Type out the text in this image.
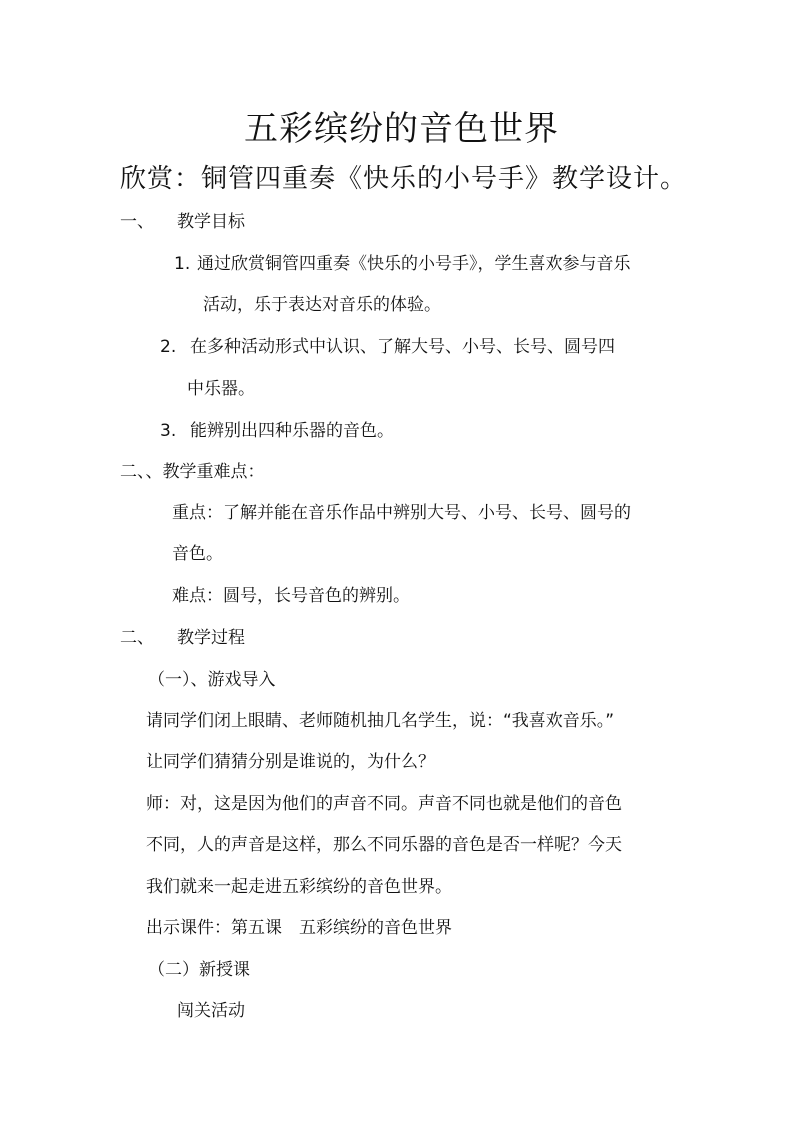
五彩缤纷的音色世界
欣赏：铜管四重奏《快乐的小号手》教学设计。
一、 教学目标
1. 通过欣赏铜管四重奏《快乐的小号手》，学生喜欢参与音乐
活动，乐于表达对音乐的体验。
2. 在多种活动形式中认识、了解大号、小号、长号、圆号四
中乐器。
3. 能辨别出四种乐器的音色。
二、、教学重难点：
重点：了解并能在音乐作品中辨别大号、小号、长号、圆号的
音色。
难点：圆号，长号音色的辨别。
二、 教学过程
（一）、游戏导入
请同学们闭上眼睛、老师随机抽几名学生，说：“我喜欢音乐。”
让同学们猜猜分别是谁说的，为什么？
师：对，这是因为他们的声音不同。声音不同也就是他们的音色
不同，人的声音是这样，那么不同乐器的音色是否一样呢？今天
我们就来一起走进五彩缤纷的音色世界。
出示课件：第五课　五彩缤纷的音色世界
（二）新授课
闯关活动
